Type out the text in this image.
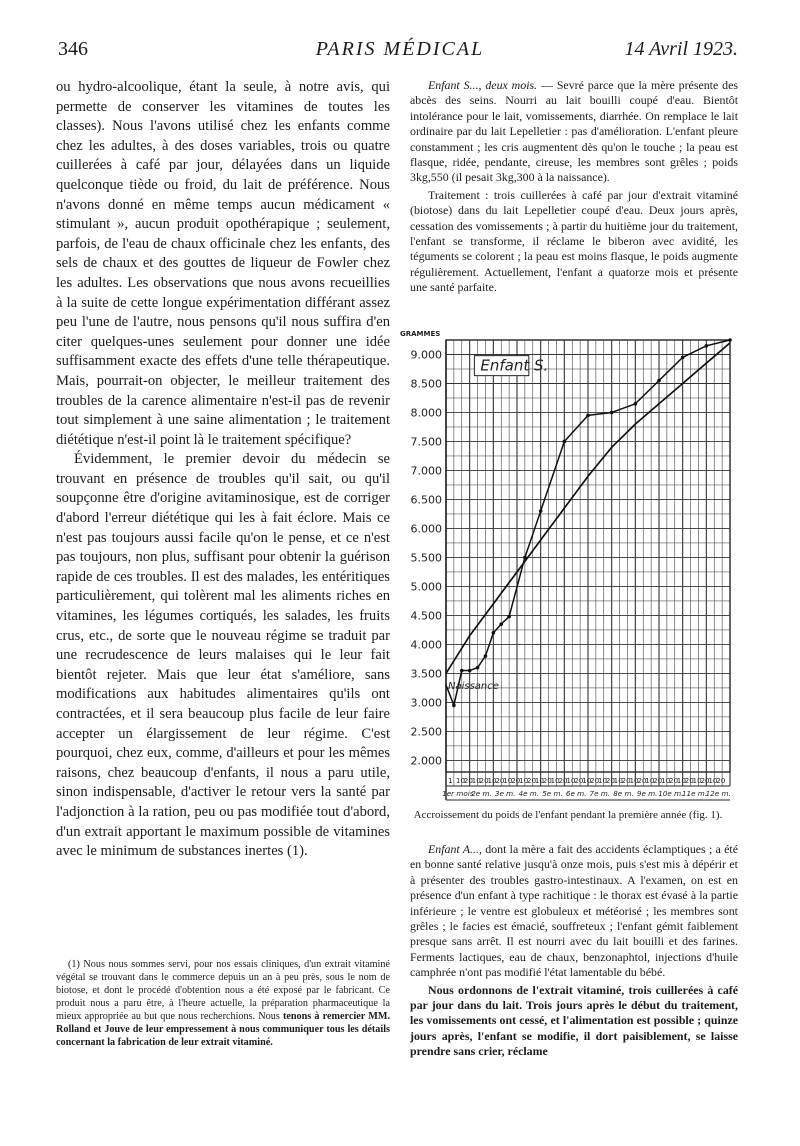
346	PARIS MÉDICAL	14 Avril 1923.

ou hydro-alcoolique, étant la seule, à notre avis, qui permette de conserver les vitamines de toutes les classes). Nous l'avons utilisé chez les enfants comme chez les adultes, à des doses variables, trois ou quatre cuillerées à café par jour, délayées dans un liquide quelconque tiède ou froid, du lait de préférence. Nous n'avons donné en même temps aucun médicament « stimulant », aucun produit opothérapique ; seulement, parfois, de l'eau de chaux officinale chez les enfants, des sels de chaux et des gouttes de liqueur de Fowler chez les adultes. Les observations que nous avons recueillies à la suite de cette longue expérimentation différant assez peu l'une de l'autre, nous pensons qu'il nous suffira d'en citer quelques-unes seulement pour donner une idée suffisamment exacte des effets d'une telle thérapeutique. Mais, pourrait-on objecter, le meilleur traitement des troubles de la carence alimentaire n'est-il pas de revenir tout simplement à une saine alimentation ; le traitement diététique n'est-il point là le traitement spécifique?

Évidemment, le premier devoir du médecin se trouvant en présence de troubles qu'il sait, ou qu'il soupçonne être d'origine avitaminosique, est de corriger d'abord l'erreur diététique qui les à fait éclore. Mais ce n'est pas toujours aussi facile qu'on le pense, et ce n'est pas toujours, non plus, suffisant pour obtenir la guérison rapide de ces troubles. Il est des malades, les entéritiques particulièrement, qui tolèrent mal les aliments riches en vitamines, les légumes cortiqués, les salades, les fruits crus, etc., de sorte que le nouveau régime se traduit par une recrudescence de leurs malaises qui le leur fait bientôt rejeter. Mais que leur état s'améliore, sans modifications aux habitudes alimentaires qu'ils ont contractées, et il sera beaucoup plus facile de leur faire accepter un élargissement de leur régime. C'est pourquoi, chez eux, comme, d'ailleurs et pour les mêmes raisons, chez beaucoup d'enfants, il nous a paru utile, sinon indispensable, d'activer le retour vers la santé par l'adjonction à la ration, peu ou pas modifiée tout d'abord, d'un extrait apportant le maximum possible de vitamines avec le minimum de substances inertes (1).

(1) Nous nous sommes servi, pour nos essais cliniques, d'un extrait vitaminé végétal se trouvant dans le commerce depuis un an à peu près, sous le nom de biotose, et dont le procédé d'obtention nous a été exposé par le fabricant. Ce produit nous a paru être, à l'heure actuelle, la préparation pharmaceutique la mieux appropriée au but que nous recherchions. Nous tenons à remercier MM. Rolland et Jouve de leur empressement à nous communiquer tous les détails concernant la fabrication de leur extrait vitaminé.

Enfant S..., deux mois. — Sevré parce que la mère présente des abcès des seins. Nourri au lait bouilli coupé d'eau. Bientôt intolérance pour le lait, vomissements, diarrhée. On remplace le lait ordinaire par du lait Lepelletier : pas d'amélioration. L'enfant pleure constamment ; les cris augmentent dès qu'on le touche ; la peau est flasque, ridée, pendante, cireuse, les membres sont grêles ; poids 3kg,550 (il pesait 3kg,300 à la naissance).

Traitement : trois cuillerées à café par jour d'extrait vitaminé (biotose) dans du lait Lepelletier coupé d'eau. Deux jours après, cessation des vomissements ; à partir du huitième jour du traitement, l'enfant se transforme, il réclame le biberon avec avidité, les téguments se colorent ; la peau est moins flasque, le poids augmente régulièrement. Actuellement, l'enfant a quatorze mois et présente une santé parfaite.

2.000
2.500
3.000
3.500
4.000
4.500
5.000
5.500
6.000
6.500
7.000
7.500
8.000
8.500
9.000
1 10
20
10
20
10
20
10
20
10
20
10
20
10
20
10
20
10
20
10
20
10
20
10
20
10
20
10
20
10
20
10
20
10
20
1er mois
2e m. 3e m. 4e m. 5e m. 6e m. 7e m. 8e m. 9e m. 10e m.
11e m.
12e m.
GRAMMES
Enfant S.
Naissance
Accroissement du poids de l'enfant pendant la première année (fig. 1).

Enfant A..., dont la mère a fait des accidents éclamptiques ; a été en bonne santé relative jusqu'à onze mois, puis s'est mis à dépérir et à présenter des troubles gastro-intestinaux. A l'examen, on est en présence d'un enfant à type rachitique : le thorax est évasé à la partie inférieure ; le ventre est globuleux et météorisé ; les membres sont grêles ; le facies est émacié, souffreteux ; l'enfant gémit faiblement presque sans arrêt. Il est nourri avec du lait bouilli et des farines. Ferments lactiques, eau de chaux, benzonaphtol, injections d'huile camphrée n'ont pas modifié l'état lamentable du bébé.

Nous ordonnons de l'extrait vitaminé, trois cuillerées à café par jour dans du lait. Trois jours après le début du traitement, les vomissements ont cessé, et l'alimentation est possible ; quinze jours après, l'enfant se modifie, il dort paisiblement, se laisse prendre sans crier, réclame
